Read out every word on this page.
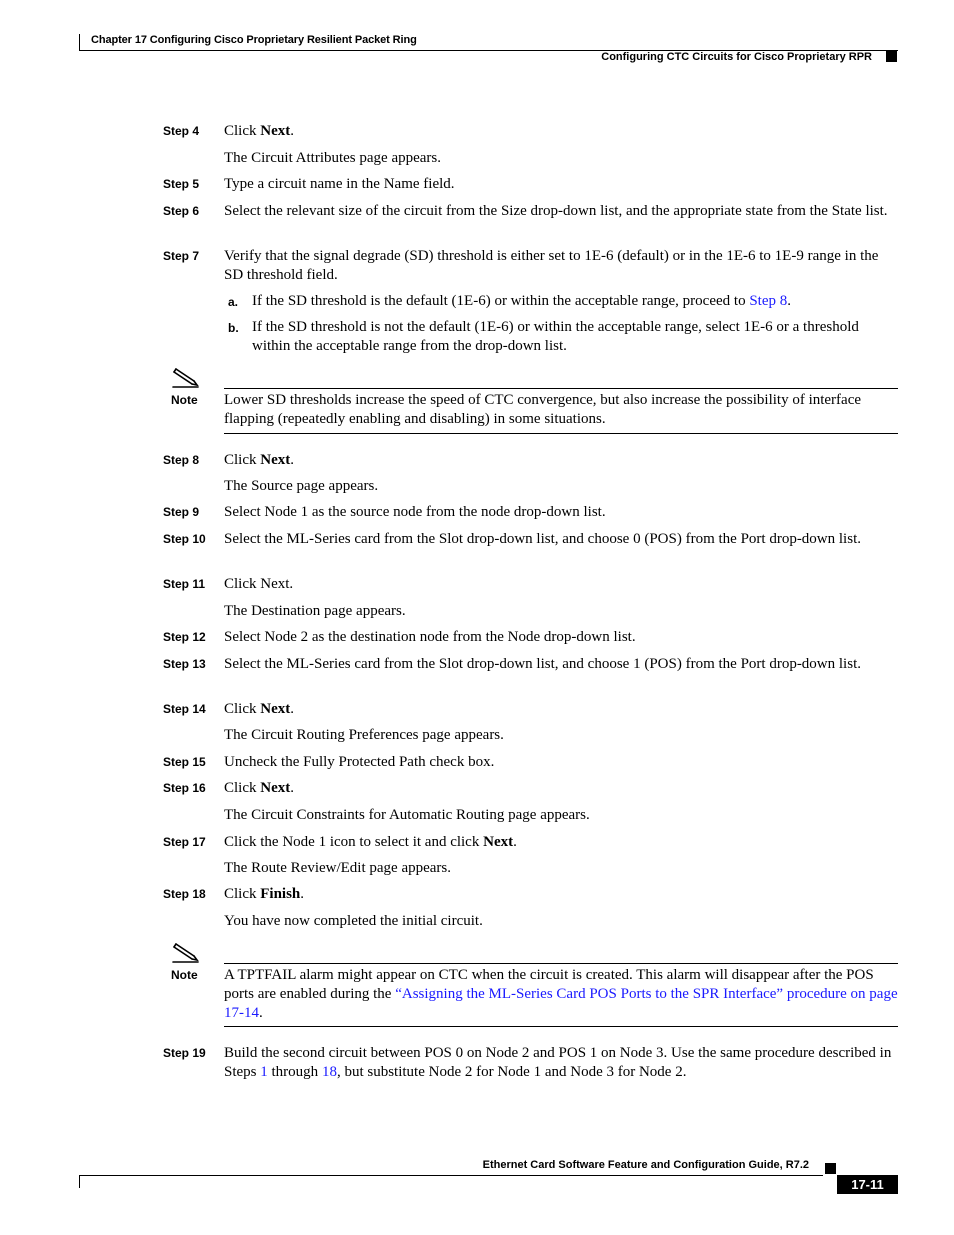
Chapter 17 Configuring Cisco Proprietary Resilient Packet Ring
Configuring CTC Circuits for Cisco Proprietary RPR
Step 4 Click Next.
The Circuit Attributes page appears.
Step 5 Type a circuit name in the Name field.
Step 6 Select the relevant size of the circuit from the Size drop-down list, and the appropriate state from the State list.
Step 7 Verify that the signal degrade (SD) threshold is either set to 1E-6 (default) or in the 1E-6 to 1E-9 range in the SD threshold field.
a. If the SD threshold is the default (1E-6) or within the acceptable range, proceed to Step 8.
b. If the SD threshold is not the default (1E-6) or within the acceptable range, select 1E-6 or a threshold within the acceptable range from the drop-down list.
Note Lower SD thresholds increase the speed of CTC convergence, but also increase the possibility of interface flapping (repeatedly enabling and disabling) in some situations.
Step 8 Click Next.
The Source page appears.
Step 9 Select Node 1 as the source node from the node drop-down list.
Step 10 Select the ML-Series card from the Slot drop-down list, and choose 0 (POS) from the Port drop-down list.
Step 11 Click Next.
The Destination page appears.
Step 12 Select Node 2 as the destination node from the Node drop-down list.
Step 13 Select the ML-Series card from the Slot drop-down list, and choose 1 (POS) from the Port drop-down list.
Step 14 Click Next.
The Circuit Routing Preferences page appears.
Step 15 Uncheck the Fully Protected Path check box.
Step 16 Click Next.
The Circuit Constraints for Automatic Routing page appears.
Step 17 Click the Node 1 icon to select it and click Next.
The Route Review/Edit page appears.
Step 18 Click Finish.
You have now completed the initial circuit.
Note A TPTFAIL alarm might appear on CTC when the circuit is created. This alarm will disappear after the POS ports are enabled during the “Assigning the ML-Series Card POS Ports to the SPR Interface” procedure on page 17-14.
Step 19 Build the second circuit between POS 0 on Node 2 and POS 1 on Node 3. Use the same procedure described in Steps 1 through 18, but substitute Node 2 for Node 1 and Node 3 for Node 2.
Ethernet Card Software Feature and Configuration Guide, R7.2
17-11
